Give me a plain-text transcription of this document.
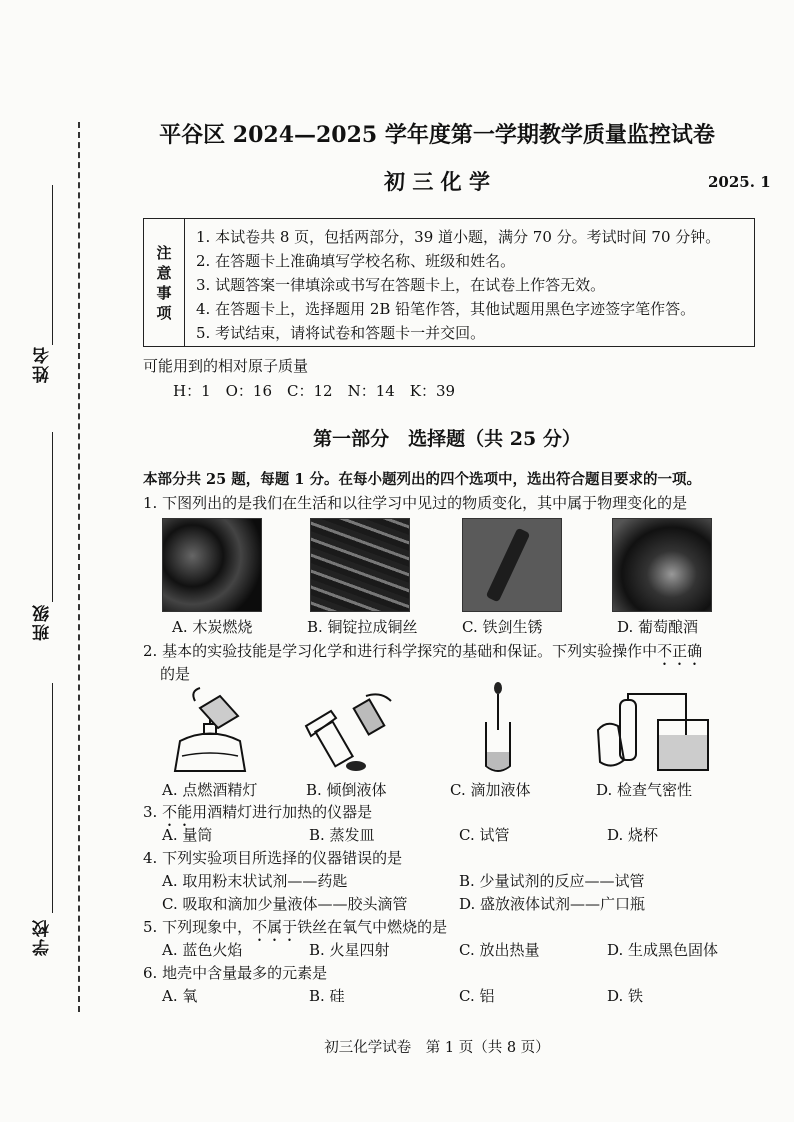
姓名
班级
学校
平谷区 2024—2025 学年度第一学期教学质量监控试卷
初 三 化 学	2025. 1
注
意
事
项
1. 本试卷共 8 页，包括两部分，39 道小题，满分 70 分。考试时间 70 分钟。
2. 在答题卡上准确填写学校名称、班级和姓名。
3. 试题答案一律填涂或书写在答题卡上，在试卷上作答无效。
4. 在答题卡上，选择题用 2B 铅笔作答，其他试题用黑色字迹签字笔作答。
5. 考试结束，请将试卷和答题卡一并交回。
可能用到的相对原子质量
H：1　O：16　C：12　N：14　K：39
第一部分　选择题（共 25 分）
本部分共 25 题，每题 1 分。在每小题列出的四个选项中，选出符合题目要求的一项。
1. 下图列出的是我们在生活和以往学习中见过的物质变化，其中属于物理变化的是
A. 木炭燃烧	B. 铜锭拉成铜丝	C. 铁剑生锈	D. 葡萄酿酒
2. 基本的实验技能是学习化学和进行科学探究的基础和保证。下列实验操作中不正确
的是
A. 点燃酒精灯	B. 倾倒液体	C. 滴加液体	D. 检查气密性
3. 不能用酒精灯进行加热的仪器是
A. 量筒	B. 蒸发皿	C. 试管	D. 烧杯
4. 下列实验项目所选择的仪器错误的是
A. 取用粉末状试剂——药匙	B. 少量试剂的反应——试管
C. 吸取和滴加少量液体——胶头滴管	D. 盛放液体试剂——广口瓶
5. 下列现象中，不属于铁丝在氧气中燃烧的是
A. 蓝色火焰	B. 火星四射	C. 放出热量	D. 生成黑色固体
6. 地壳中含量最多的元素是
A. 氧	B. 硅	C. 铝	D. 铁
初三化学试卷　第 1 页（共 8 页）
